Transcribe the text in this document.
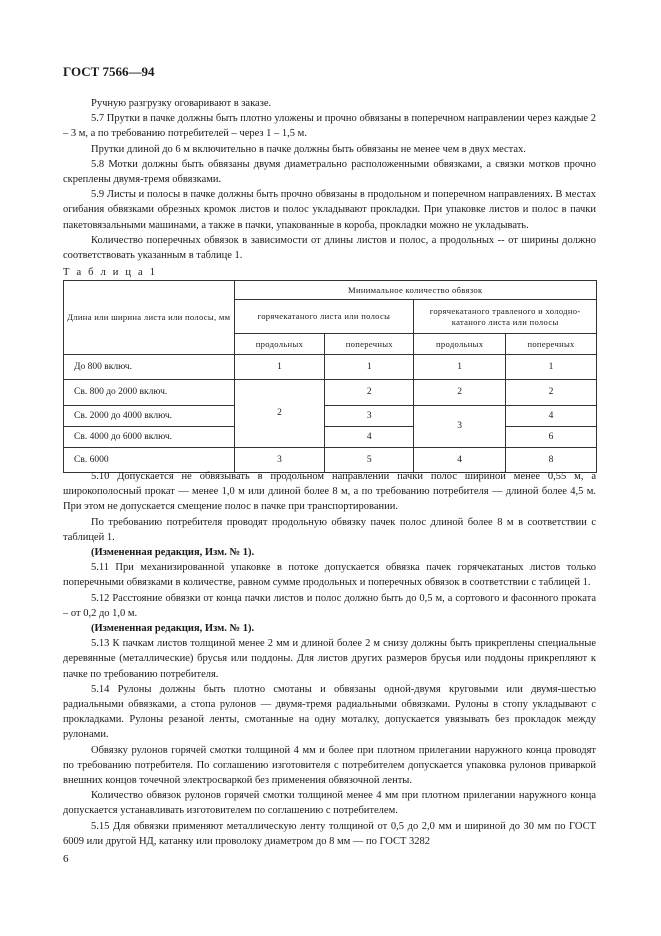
ГОСТ 7566—94

Ручную разгрузку оговаривают в заказе.

5.7 Прутки в пачке должны быть плотно уложены и прочно обвязаны в поперечном направлении через каждые 2 – 3 м, а по требованию потребителей – через 1 – 1,5 м.

Прутки длиной до 6 м включительно в пачке должны быть обвязаны не менее чем в двух местах.

5.8 Мотки должны быть обвязаны двумя диаметрально расположенными обвязками, а связки мотков прочно скреплены двумя-тремя обвязками.

5.9 Листы и полосы в пачке должны быть прочно обвязаны в продольном и поперечном направлениях. В местах огибания обвязками обрезных кромок листов и полос укладывают прокладки. При упаковке листов и полос в пачки пакетовязальными машинами, а также в пачки, упакованные в короба, прокладки можно не укладывать.

Количество поперечных обвязок в зависимости от длины листов и полос, а продольных -- от ширины должно соответствовать указанным в таблице 1.

Т а б л и ц а 1
Длина или ширина листа или полосы, мм	Минимальное количество обвязок			
	горячекатаного листа или полосы		горячекатаного травленого и холодно-катаного листа или полосы	
	продольных	поперечных	продольных	поперечных
До 800 включ.	1	1	1	1
Св. 800 до 2000 включ.	2	2	2	2
Св. 2000 до 4000 включ.		3	3	4
Св. 4000 до 6000 включ.		4		6
Св. 6000	3	5	4	8

5.10 Допускается не обвязывать в продольном направлении пачки полос шириной менее 0,55 м, а широкополосный прокат — менее 1,0 м или длиной более 8 м, а по требованию потребителя — длиной более 4,5 м. При этом не допускается смещение полос в пачке при транспортировании.

По требованию потребителя проводят продольную обвязку пачек полос длиной более 8 м в соответствии с таблицей 1.

(Измененная редакция, Изм. № 1).

5.11 При механизированной упаковке в потоке допускается обвязка пачек горячекатаных листов только поперечными обвязками в количестве, равном сумме продольных и поперечных обвязок в соответствии с таблицей 1.

5.12 Расстояние обвязки от конца пачки листов и полос должно быть до 0,5 м, а сортового и фасонного проката – от 0,2 до 1,0 м.

(Измененная редакция, Изм. № 1).

5.13 К пачкам листов толщиной менее 2 мм и длиной более 2 м снизу должны быть прикреплены специальные деревянные (металлические) брусья или поддоны. Для листов других размеров брусья или поддоны прикрепляют к пачке по требованию потребителя.

5.14 Рулоны должны быть плотно смотаны и обвязаны одной-двумя круговыми или двумя-шестью радиальными обвязками, а стопа рулонов — двумя-тремя радиальными обвязками. Рулоны в стопу укладывают с прокладками. Рулоны резаной ленты, смотанные на одну моталку, допускается увязывать без прокладок между рулонами.

Обвязку рулонов горячей смотки толщиной 4 мм и более при плотном прилегании наружного конца проводят по требованию потребителя. По соглашению изготовителя с потребителем допускается упаковка рулонов приваркой внешних концов точечной электросваркой без применения обвязочной ленты.

Количество обвязок рулонов горячей смотки толщиной менее 4 мм при плотном прилегании наружного конца допускается устанавливать изготовителем по соглашению с потребителем.

5.15 Для обвязки применяют металлическую ленту толщиной от 0,5 до 2,0 мм и шириной до 30 мм по ГОСТ 6009 или другой НД, катанку или проволоку диаметром до 8 мм — по ГОСТ 3282

6
